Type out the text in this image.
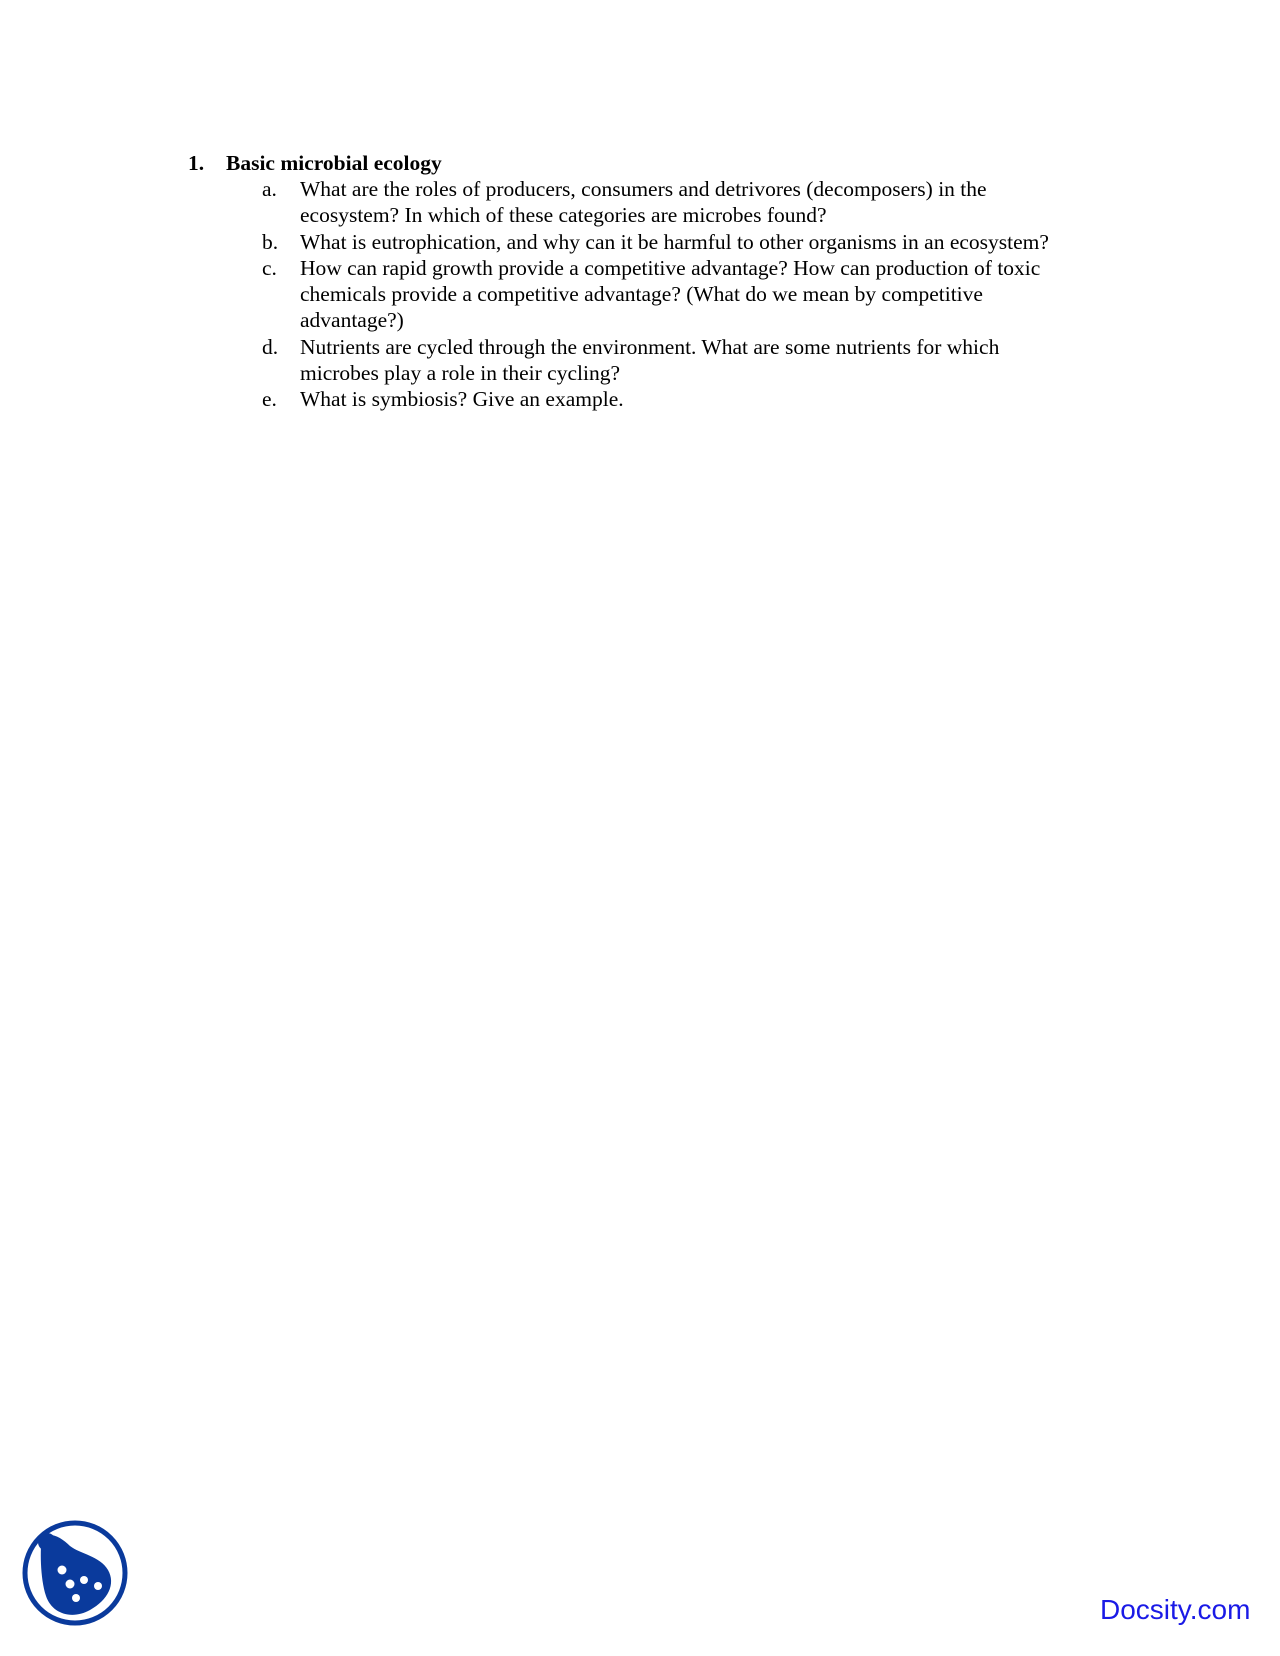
1. Basic microbial ecology
a.	What are the roles of producers, consumers and detrivores (decomposers) in the
ecosystem? In which of these categories are microbes found?
b.	What is eutrophication, and why can it be harmful to other organisms in an ecosystem?
c.	How can rapid growth provide a competitive advantage? How can production of toxic
chemicals provide a competitive advantage? (What do we mean by competitive
advantage?)
d.	Nutrients are cycled through the environment. What are some nutrients for which
microbes play a role in their cycling?
e.	What is symbiosis? Give an example.
Docsity.com
